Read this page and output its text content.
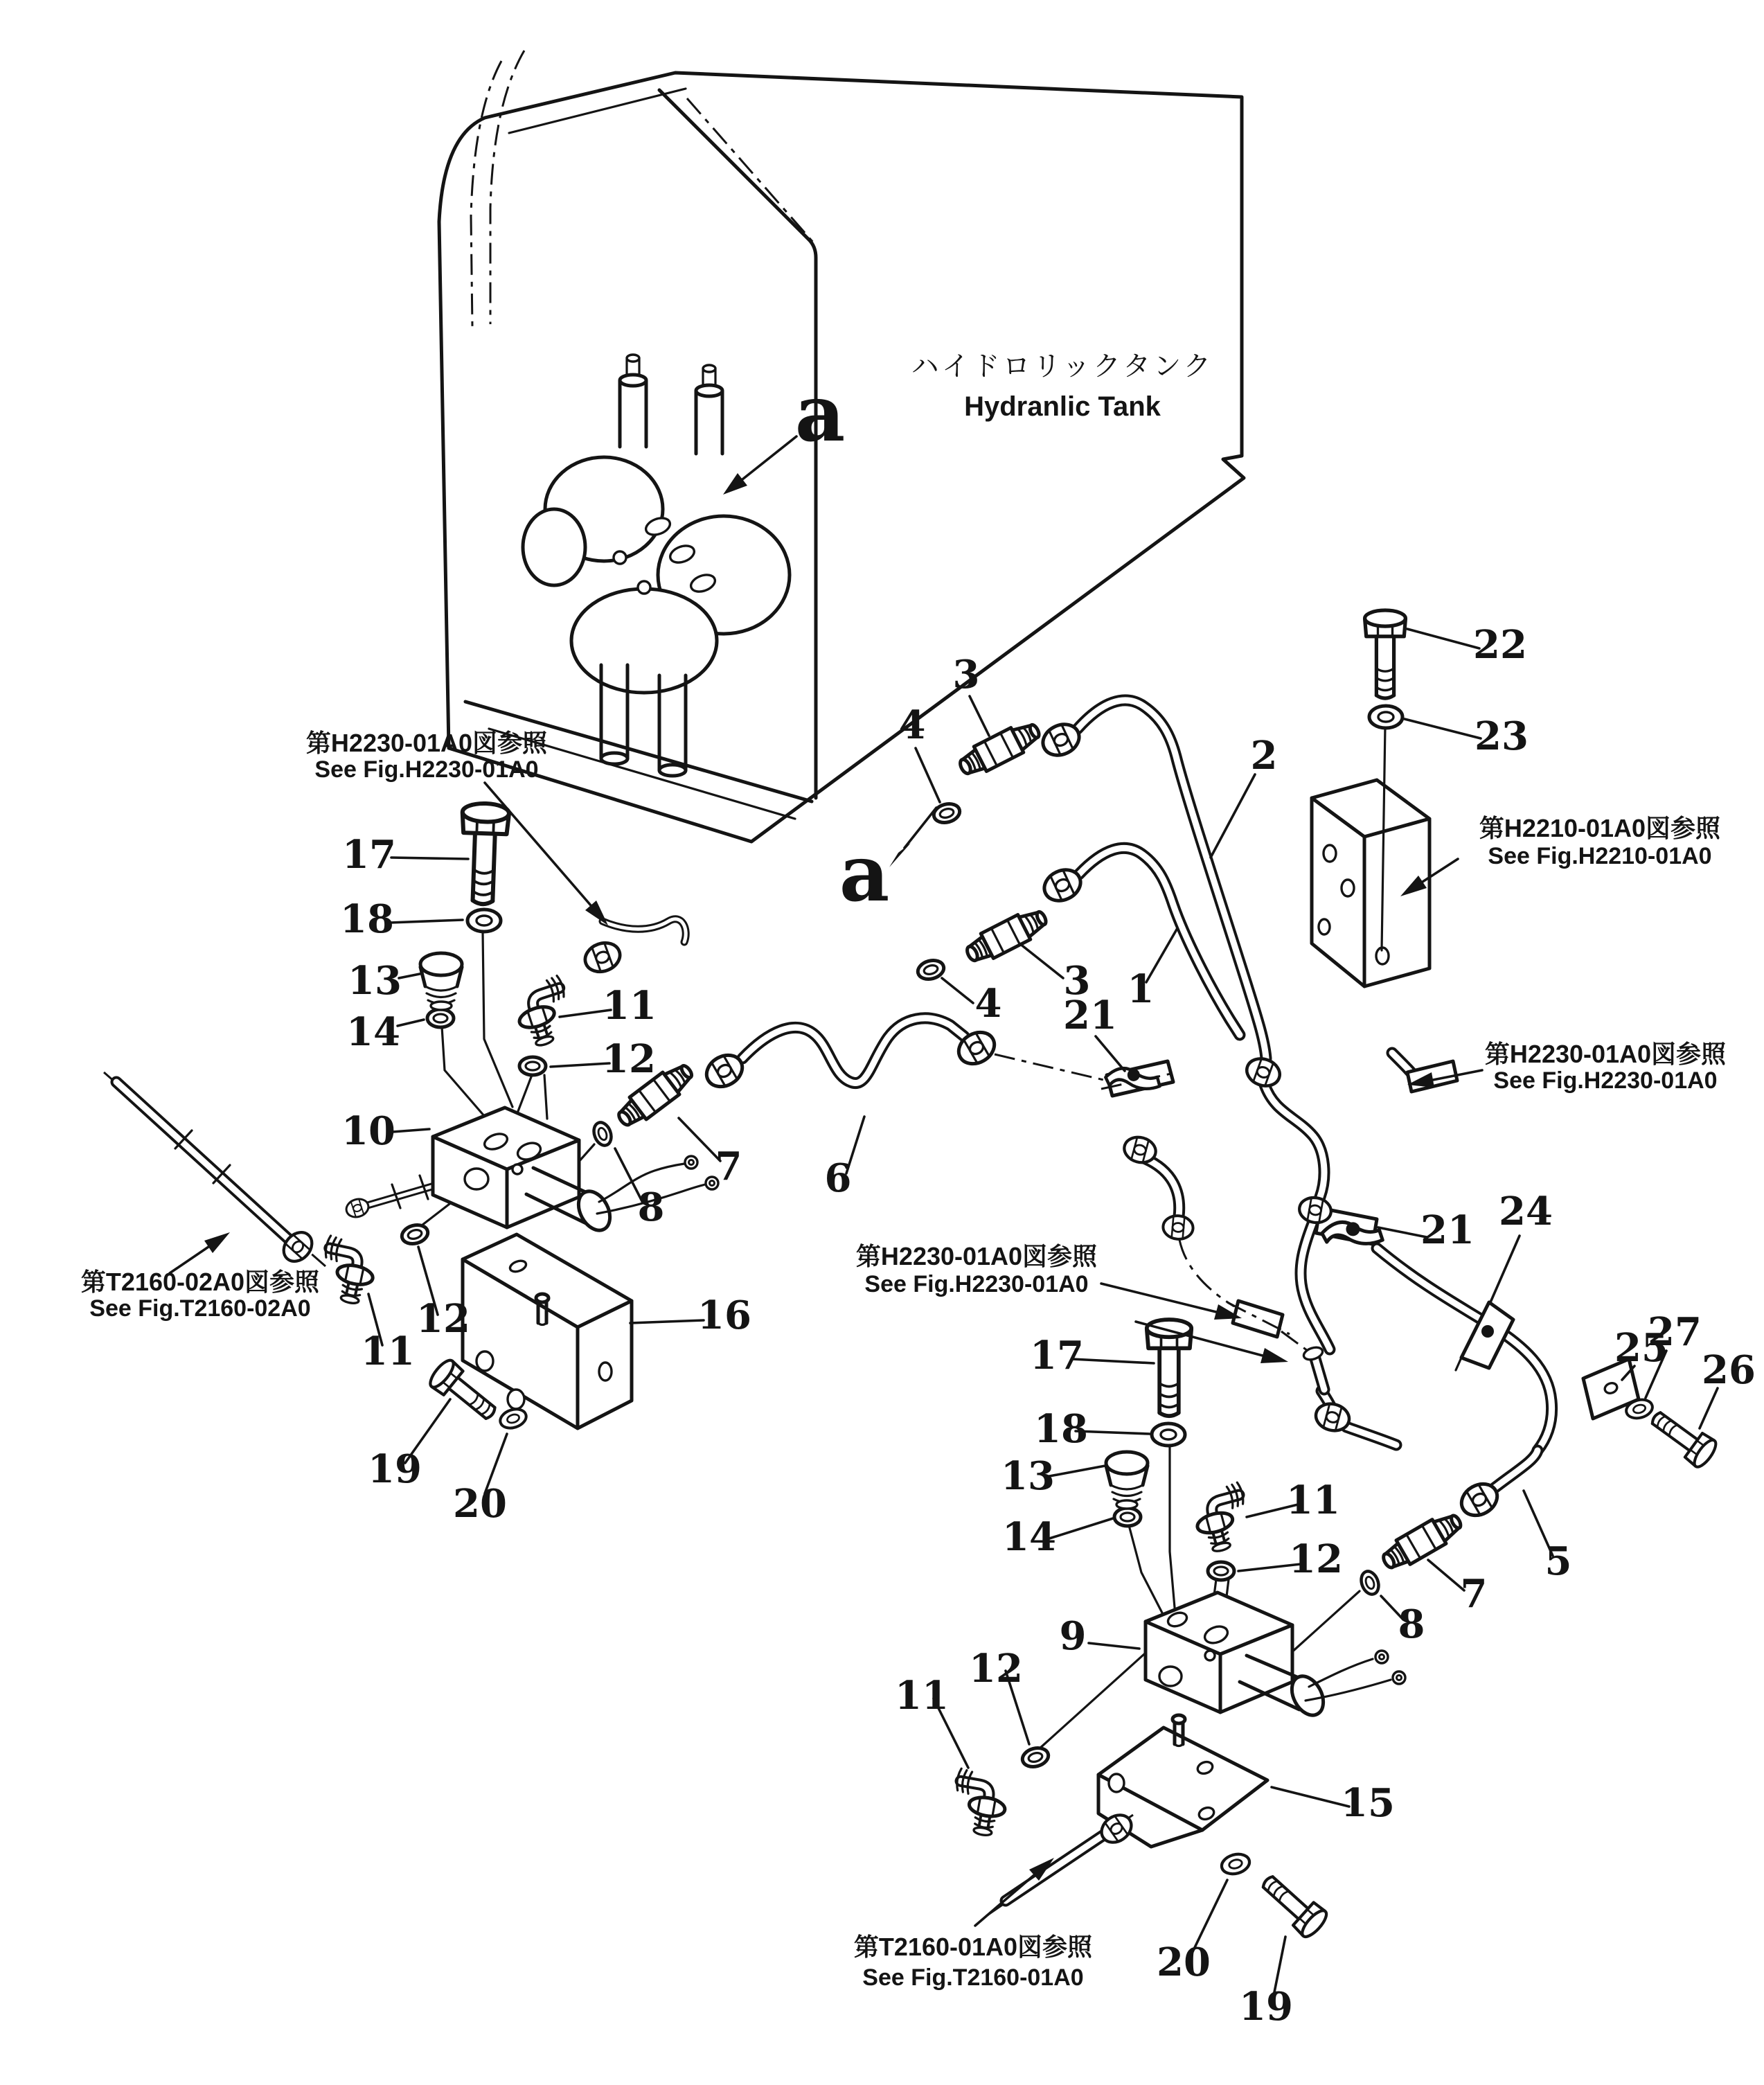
ハイドロリックタンク
Hydranlic Tank
第H2230-01A0図参照
See Fig.H2230-01A0
第H2210-01A0図参照
See Fig.H2210-01A0
第H2230-01A0図参照
See Fig.H2230-01A0
第T2160-02A0図参照
See Fig.T2160-02A0
第H2230-01A0図参照
See Fig.H2230-01A0
第T2160-01A0図参照
See Fig.T2160-01A0
a
a
1
2
3
4
3
4
5
6
7
7
8
8
9
10
11
11
11
11
12
12
12
12
13
13
14
14
15
16
17
17
18
18
19
19
20
20
21
21
22
23
24
25 26
27
